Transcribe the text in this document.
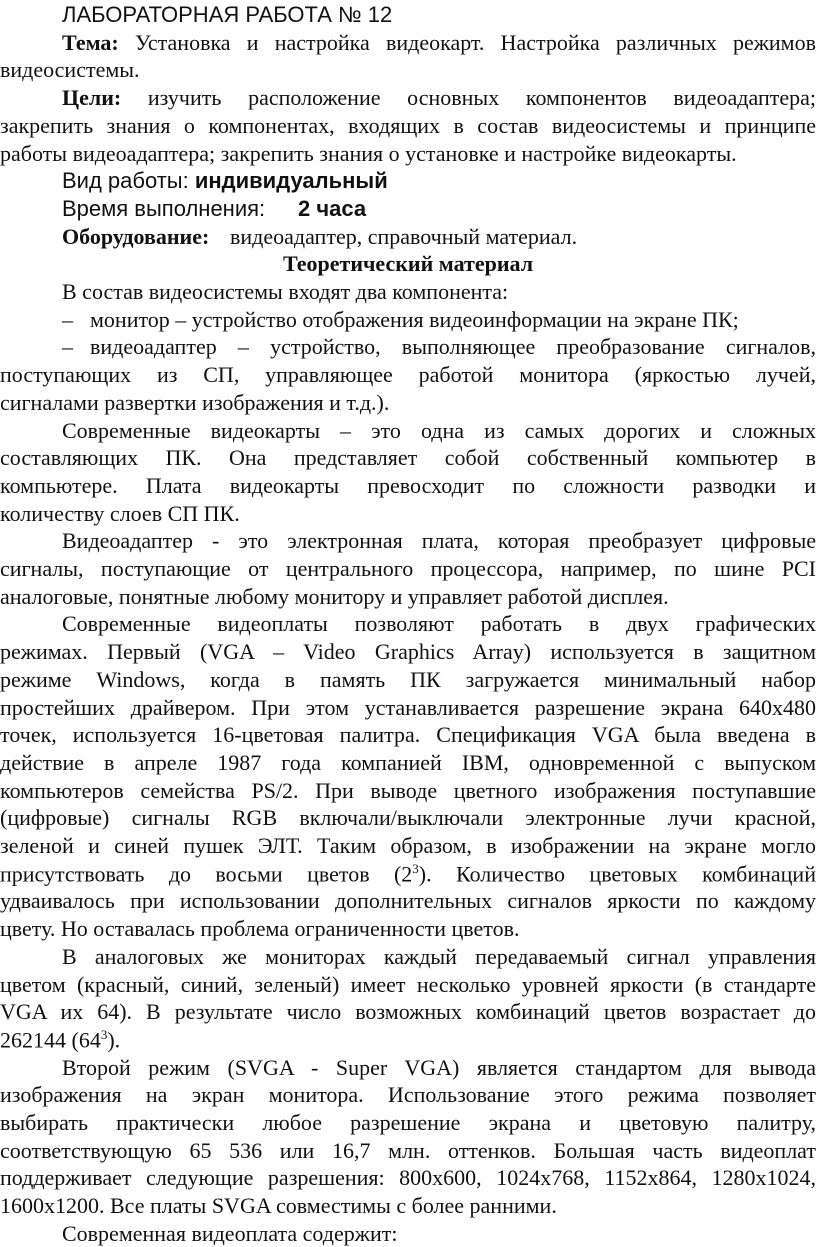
ЛАБОРАТОРНАЯ РАБОТА № 12
Тема: Установка и настройка видеокарт. Настройка различных режимов
видеосистемы.
Цели: изучить расположение основных компонентов видеоадаптера;
закрепить знания о компонентах, входящих в состав видеосистемы и принципе
работы видеоадаптера; закрепить знания о установке и настройке видеокарты.
Вид работы: индивидуальный
Время выполнения: 2 часа
Оборудование: видеоадаптер, справочный материал.
Теоретический материал
В состав видеосистемы входят два компонента:
– монитор – устройство отображения видеоинформации на экране ПК;
– видеоадаптер – устройство, выполняющее преобразование сигналов,
поступающих из СП, управляющее работой монитора (яркостью лучей,
сигналами развертки изображения и т.д.).
Современные видеокарты – это одна из самых дорогих и сложных
составляющих ПК. Она представляет собой собственный компьютер в
компьютере. Плата видеокарты превосходит по сложности разводки и
количеству слоев СП ПК.
Видеоадаптер - это электронная плата, которая преобразует цифровые
сигналы, поступающие от центрального процессора, например, по шине PCI
аналоговые, понятные любому монитору и управляет работой дисплея.
Современные видеоплаты позволяют работать в двух графических
режимах. Первый (VGA – Video Graphics Array) используется в защитном
режиме Windows, когда в память ПК загружается минимальный набор
простейших драйвером. При этом устанавливается разрешение экрана 640x480
точек, используется 16-цветовая палитра. Спецификация VGA была введена в
действие в апреле 1987 года компанией IBM, одновременной с выпуском
компьютеров семейства PS/2. При выводе цветного изображения поступавшие
(цифровые) сигналы RGB включали/выключали электронные лучи красной,
зеленой и синей пушек ЭЛТ. Таким образом, в изображении на экране могло
присутствовать до восьми цветов $(2^3)$. Количество цветовых комбинаций
удваивалось при использовании дополнительных сигналов яркости по каждому
цвету. Но оставалась проблема ограниченности цветов.
В аналоговых же мониторах каждый передаваемый сигнал управления
цветом (красный, синий, зеленый) имеет несколько уровней яркости (в стандарте
VGA их 64). В результате число возможных комбинаций цветов возрастает до
262144 $(64^3)$.
Второй режим (SVGA - Super VGA) является стандартом для вывода
изображения на экран монитора. Использование этого режима позволяет
выбирать практически любое разрешение экрана и цветовую палитру,
соответствующую 65 536 или 16,7 млн. оттенков. Большая часть видеоплат
поддерживает следующие разрешения: 800x600, 1024x768, 1152x864, 1280x1024,
1600x1200. Все платы SVGA совместимы с более ранними.
Современная видеоплата содержит:
